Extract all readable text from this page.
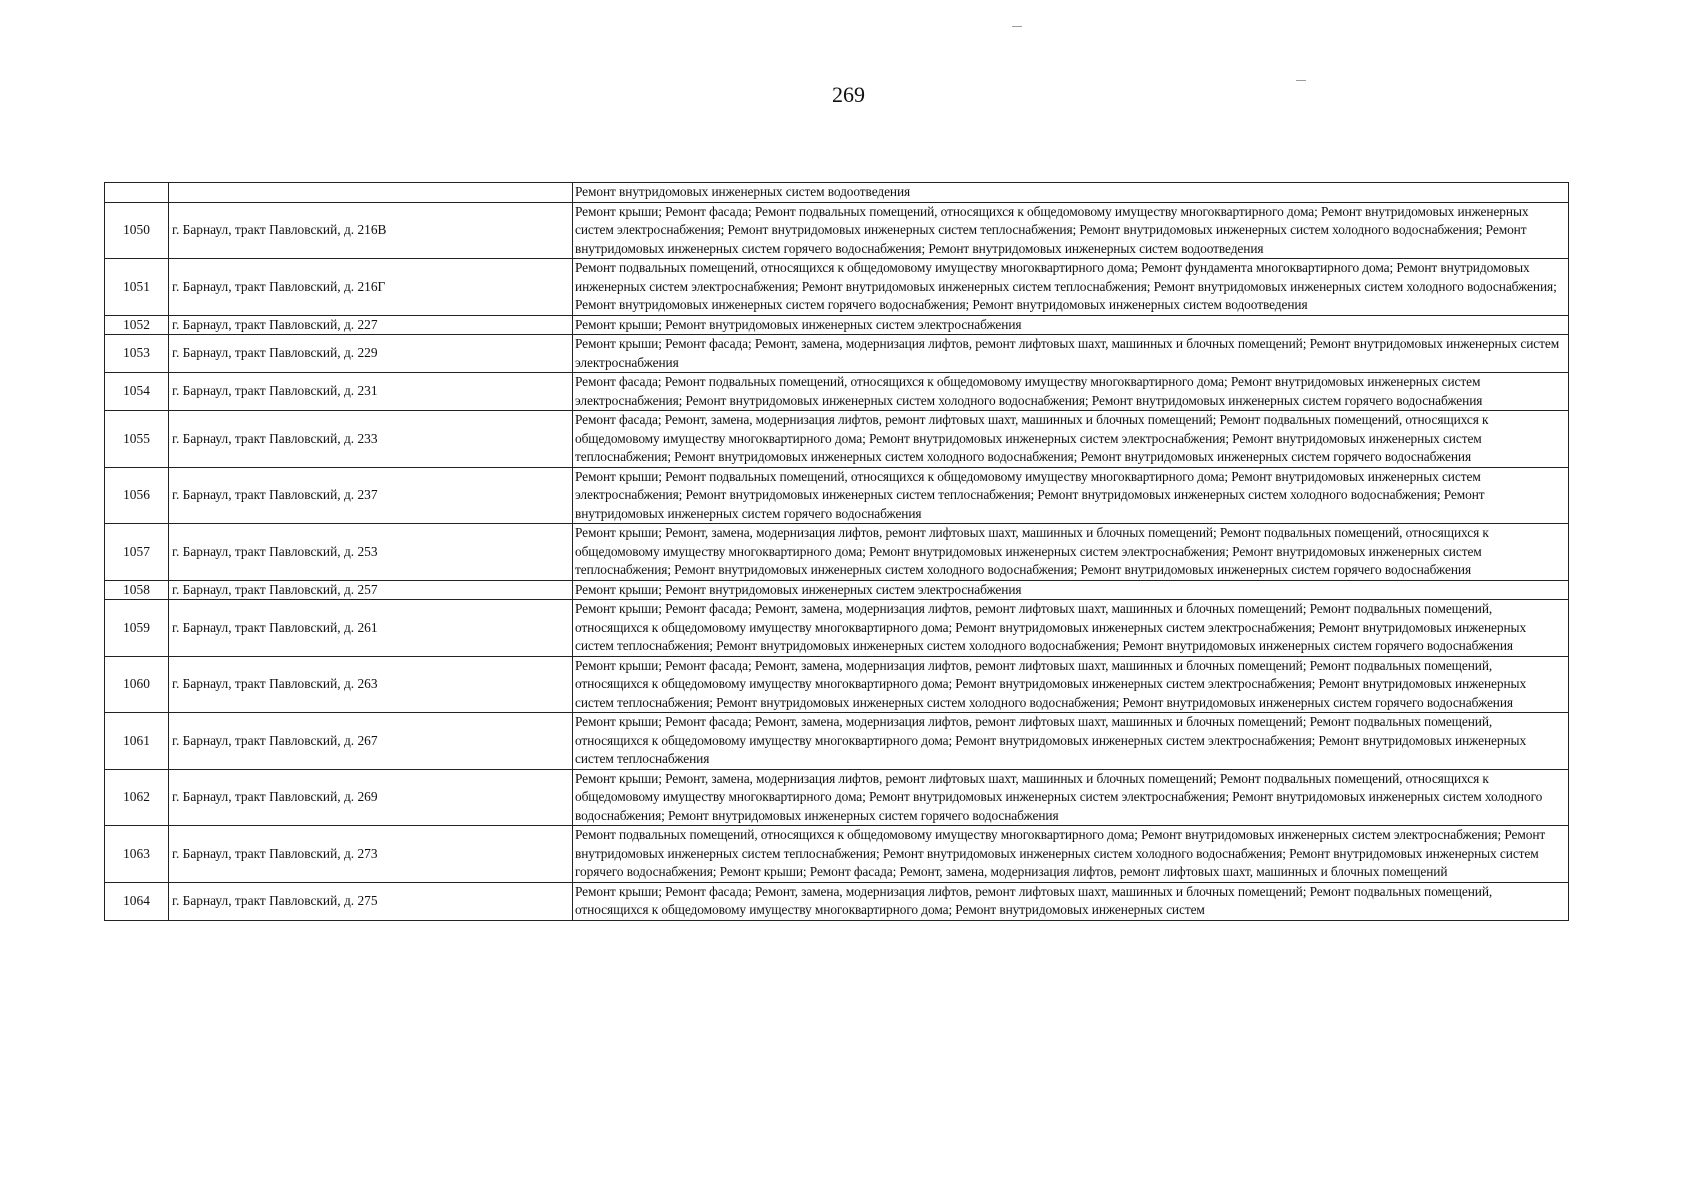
269
		Ремонт внутридомовых инженерных систем водоотведения
1050	г. Барнаул, тракт Павловский, д. 216В	Ремонт крыши; Ремонт фасада; Ремонт подвальных помещений, относящихся к общедомовому имуществу многоквартирного дома; Ремонт внутридомовых инженерных систем электроснабжения; Ремонт внутридомовых инженерных систем теплоснабжения; Ремонт внутридомовых инженерных систем холодного водоснабжения; Ремонт внутридомовых инженерных систем горячего водоснабжения; Ремонт внутридомовых инженерных систем водоотведения
1051	г. Барнаул, тракт Павловский, д. 216Г	Ремонт подвальных помещений, относящихся к общедомовому имуществу многоквартирного дома; Ремонт фундамента многоквартирного дома; Ремонт внутридомовых инженерных систем электроснабжения; Ремонт внутридомовых инженерных систем теплоснабжения; Ремонт внутридомовых инженерных систем холодного водоснабжения; Ремонт внутридомовых инженерных систем горячего водоснабжения; Ремонт внутридомовых инженерных систем водоотведения
1052	г. Барнаул, тракт Павловский, д. 227	Ремонт крыши; Ремонт внутридомовых инженерных систем электроснабжения
1053	г. Барнаул, тракт Павловский, д. 229	Ремонт крыши; Ремонт фасада; Ремонт, замена, модернизация лифтов, ремонт лифтовых шахт, машинных и блочных помещений; Ремонт внутридомовых инженерных систем электроснабжения
1054	г. Барнаул, тракт Павловский, д. 231	Ремонт фасада; Ремонт подвальных помещений, относящихся к общедомовому имуществу многоквартирного дома; Ремонт внутридомовых инженерных систем электроснабжения; Ремонт внутридомовых инженерных систем холодного водоснабжения; Ремонт внутридомовых инженерных систем горячего водоснабжения
1055	г. Барнаул, тракт Павловский, д. 233	Ремонт фасада; Ремонт, замена, модернизация лифтов, ремонт лифтовых шахт, машинных и блочных помещений; Ремонт подвальных помещений, относящихся к общедомовому имуществу многоквартирного дома; Ремонт внутридомовых инженерных систем электроснабжения; Ремонт внутридомовых инженерных систем теплоснабжения; Ремонт внутридомовых инженерных систем холодного водоснабжения; Ремонт внутридомовых инженерных систем горячего водоснабжения
1056	г. Барнаул, тракт Павловский, д. 237	Ремонт крыши; Ремонт подвальных помещений, относящихся к общедомовому имуществу многоквартирного дома; Ремонт внутридомовых инженерных систем электроснабжения; Ремонт внутридомовых инженерных систем теплоснабжения; Ремонт внутридомовых инженерных систем холодного водоснабжения; Ремонт внутридомовых инженерных систем горячего водоснабжения
1057	г. Барнаул, тракт Павловский, д. 253	Ремонт крыши; Ремонт, замена, модернизация лифтов, ремонт лифтовых шахт, машинных и блочных помещений; Ремонт подвальных помещений, относящихся к общедомовому имуществу многоквартирного дома; Ремонт внутридомовых инженерных систем электроснабжения; Ремонт внутридомовых инженерных систем теплоснабжения; Ремонт внутридомовых инженерных систем холодного водоснабжения; Ремонт внутридомовых инженерных систем горячего водоснабжения
1058	г. Барнаул, тракт Павловский, д. 257	Ремонт крыши; Ремонт внутридомовых инженерных систем электроснабжения
1059	г. Барнаул, тракт Павловский, д. 261	Ремонт крыши; Ремонт фасада; Ремонт, замена, модернизация лифтов, ремонт лифтовых шахт, машинных и блочных помещений; Ремонт подвальных помещений, относящихся к общедомовому имуществу многоквартирного дома; Ремонт внутридомовых инженерных систем электроснабжения; Ремонт внутридомовых инженерных систем теплоснабжения; Ремонт внутридомовых инженерных систем холодного водоснабжения; Ремонт внутридомовых инженерных систем горячего водоснабжения
1060	г. Барнаул, тракт Павловский, д. 263	Ремонт крыши; Ремонт фасада; Ремонт, замена, модернизация лифтов, ремонт лифтовых шахт, машинных и блочных помещений; Ремонт подвальных помещений, относящихся к общедомовому имуществу многоквартирного дома; Ремонт внутридомовых инженерных систем электроснабжения; Ремонт внутридомовых инженерных систем теплоснабжения; Ремонт внутридомовых инженерных систем холодного водоснабжения; Ремонт внутридомовых инженерных систем горячего водоснабжения
1061	г. Барнаул, тракт Павловский, д. 267	Ремонт крыши; Ремонт фасада; Ремонт, замена, модернизация лифтов, ремонт лифтовых шахт, машинных и блочных помещений; Ремонт подвальных помещений, относящихся к общедомовому имуществу многоквартирного дома; Ремонт внутридомовых инженерных систем электроснабжения; Ремонт внутридомовых инженерных систем теплоснабжения
1062	г. Барнаул, тракт Павловский, д. 269	Ремонт крыши; Ремонт, замена, модернизация лифтов, ремонт лифтовых шахт, машинных и блочных помещений; Ремонт подвальных помещений, относящихся к общедомовому имуществу многоквартирного дома; Ремонт внутридомовых инженерных систем электроснабжения; Ремонт внутридомовых инженерных систем холодного водоснабжения; Ремонт внутридомовых инженерных систем горячего водоснабжения
1063	г. Барнаул, тракт Павловский, д. 273	Ремонт подвальных помещений, относящихся к общедомовому имуществу многоквартирного дома; Ремонт внутридомовых инженерных систем электроснабжения; Ремонт внутридомовых инженерных систем теплоснабжения; Ремонт внутридомовых инженерных систем холодного водоснабжения; Ремонт внутридомовых инженерных систем горячего водоснабжения; Ремонт крыши; Ремонт фасада; Ремонт, замена, модернизация лифтов, ремонт лифтовых шахт, машинных и блочных помещений
1064	г. Барнаул, тракт Павловский, д. 275	Ремонт крыши; Ремонт фасада; Ремонт, замена, модернизация лифтов, ремонт лифтовых шахт, машинных и блочных помещений; Ремонт подвальных помещений, относящихся к общедомовому имуществу многоквартирного дома; Ремонт внутридомовых инженерных систем
